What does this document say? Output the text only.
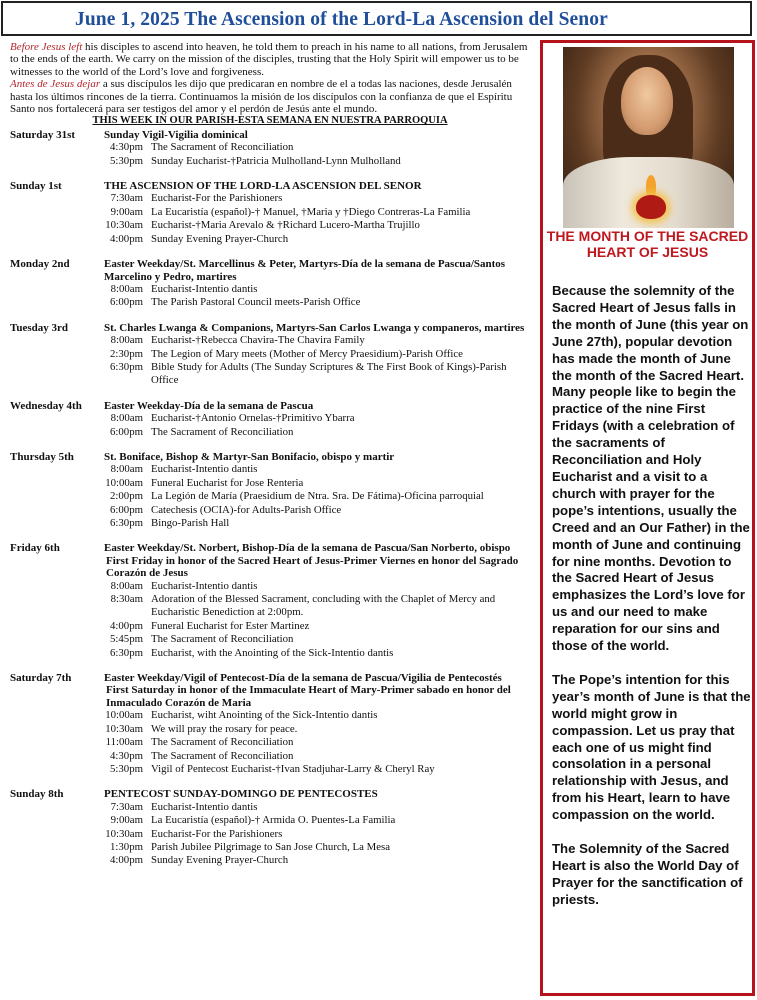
June 1, 2025 The Ascension of the Lord-La Ascension del Senor

Before Jesus left his disciples to ascend into heaven, he told them to preach in his name to all nations, from Jerusalem to the ends of the earth. We carry on the mission of the disciples, trusting that the Holy Spirit will empower us to be witnesses to the world of the Lord’s love and forgiveness.

Antes de Jesus dejar a sus discípulos les dijo que predicaran en nombre de el a todas las naciones, desde Jerusalén hasta los últimos rincones de la tierra. Continuamos la misión de los discípulos con la confianza de que el Espíritu Santo nos fortalecerá para ser testigos del amor y el perdón de Jesús ante el mundo.

THIS WEEK IN OUR PARISH-ESTA SEMANA EN NUESTRA PARROQUIA
Saturday 31st	Sunday Vigil-Vigilia dominical
4:30pm The Sacrament of Reconciliation
5:30pm Sunday Eucharist-†Patricia Mulholland-Lynn Mulholland
Sunday 1st	THE ASCENSION OF THE LORD-LA ASCENSION DEL SENOR
7:30am Eucharist-For the Parishioners
9:00am La Eucaristía (español)-† Manuel, †Maria y †Diego Contreras-La Familia
10:30am Eucharist-†Maria Arevalo & †Richard Lucero-Martha Trujillo
4:00pm Sunday Evening Prayer-Church
Monday 2nd	Easter Weekday/St. Marcellinus & Peter, Martyrs-Día de la semana de Pascua/Santos Marcelino y Pedro, martires
8:00am Eucharist-Intentio dantis
6:00pm The Parish Pastoral Council meets-Parish Office
Tuesday 3rd	St. Charles Lwanga & Companions, Martyrs-San Carlos Lwanga y companeros, martires
8:00am Eucharist-†Rebecca Chavira-The Chavira Family
2:30pm The Legion of Mary meets (Mother of Mercy Praesidium)-Parish Office
6:30pm Bible Study for Adults (The Sunday Scriptures & The First Book of Kings)-Parish Office
Wednesday 4th	Easter Weekday-Día de la semana de Pascua
8:00am Eucharist-†Antonio Ornelas-†Primitivo Ybarra
6:00pm The Sacrament of Reconciliation
Thursday 5th	St. Boniface, Bishop & Martyr-San Bonifacio, obispo y martir
8:00am Eucharist-Intentio dantis
10:00am Funeral Eucharist for Jose Renteria
2:00pm La Legión de María (Praesidium de Ntra. Sra. De Fátima)-Oficina parroquial
6:00pm Catechesis (OCIA)-for Adults-Parish Office
6:30pm Bingo-Parish Hall
Friday 6th	Easter Weekday/St. Norbert, Bishop-Día de la semana de Pascua/San Norberto, obispo
First Friday in honor of the Sacred Heart of Jesus-Primer Viernes en honor del Sagrado Corazón de Jesus
8:00am Eucharist-Intentio dantis
8:30am Adoration of the Blessed Sacrament, concluding with the Chaplet of Mercy and Eucharistic Benediction at 2:00pm.
4:00pm Funeral Eucharist for Ester Martinez
5:45pm The Sacrament of Reconciliation
6:30pm Eucharist, with the Anointing of the Sick-Intentio dantis
Saturday 7th	Easter Weekday/Vigil of Pentecost-Día de la semana de Pascua/Vigilia de Pentecostés
First Saturday in honor of the Immaculate Heart of Mary-Primer sabado en honor del Inmaculado Corazón de Maria
10:00am Eucharist, wiht Anointing of the Sick-Intentio dantis
10:30am We will pray the rosary for peace.
11:00am The Sacrament of Reconciliation
4:30pm The Sacrament of Reconciliation
5:30pm Vigil of Pentecost Eucharist-†Ivan Stadjuhar-Larry & Cheryl Ray
Sunday 8th	PENTECOST SUNDAY-DOMINGO DE PENTECOSTES
7:30am Eucharist-Intentio dantis
9:00am La Eucaristía (español)-† Armida O. Puentes-La Familia
10:30am Eucharist-For the Parishioners
1:30pm Parish Jubilee Pilgrimage to San Jose Church, La Mesa
4:00pm Sunday Evening Prayer-Church
THE MONTH OF THE SACRED HEART OF JESUS

Because the solemnity of the Sacred Heart of Jesus falls in the month of June (this year on June 27th), popular devotion has made the month of June the month of the Sacred Heart. Many people like to begin the practice of the nine First Fridays (with a celebration of the sacraments of Reconciliation and Holy Eucharist and a visit to a church with prayer for the pope’s intentions, usually the Creed and an Our Father) in the month of June and continuing for nine months. Devotion to the Sacred Heart of Jesus emphasizes the Lord’s love for us and our need to make reparation for our sins and those of the world.

The Pope’s intention for this year’s month of June is that the world might grow in compassion. Let us pray that each one of us might find consolation in a personal relationship with Jesus, and from his Heart, learn to have compassion on the world.

The Solemnity of the Sacred Heart is also the World Day of Prayer for the sanctification of priests.
